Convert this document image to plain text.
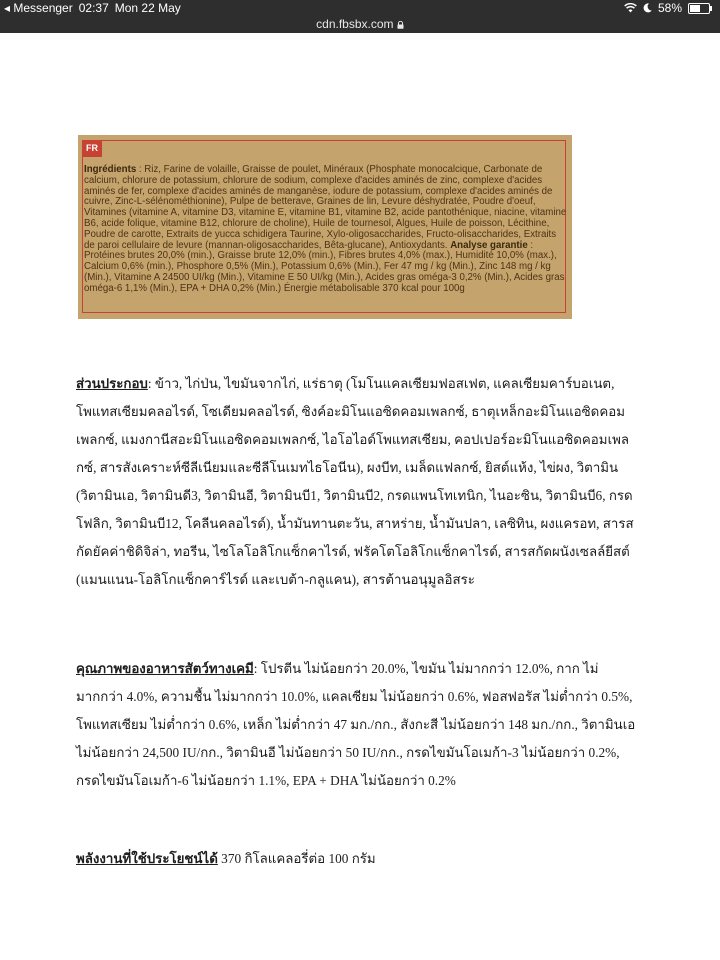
◂ Messenger 02:37 Mon 22 May	58%
cdn.fbsbx.com
FR
Ingrédients : Riz, Farine de volaille, Graisse de poulet, Minéraux (Phosphate monocalcique, Carbonate de calcium, chlorure de potassium, chlorure de sodium, complexe d'acides aminés de zinc, complexe d'acides aminés de fer, complexe d'acides aminés de manganèse, iodure de potassium, complexe d'acides aminés de cuivre, Zinc-L-sélénométhionine), Pulpe de betterave, Graines de lin, Levure déshydratée, Poudre d'oeuf, Vitamines (vitamine A, vitamine D3, vitamine E, vitamine B1, vitamine B2, acide pantothénique, niacine, vitamine B6, acide folique, vitamine B12, chlorure de choline), Huile de tournesol, Algues, Huile de poisson, Lécithine, Poudre de carotte, Extraits de yucca schidigera Taurine, Xylo-oligosaccharides, Fructo-olisaccharides, Extraits de paroi cellulaire de levure (mannan-oligosaccharides, Bêta-glucane), Antioxydants. Analyse garantie : Protéines brutes 20,0% (min.), Graisse brute 12,0% (min.), Fibres brutes 4,0% (max.), Humidité 10,0% (max.), Calcium 0,6% (min.), Phosphore 0,5% (Min.), Potassium 0,6% (Min.), Fer 47 mg / kg (Min.), Zinc 148 mg / kg (Min.), Vitamine A 24500 UI/kg (Min.), Vitamine E 50 UI/kg (Min.), Acides gras oméga-3 0,2% (Min.), Acides gras oméga-6 1,1% (Min.), EPA + DHA 0,2% (Min.) Énergie métabolisable 370 kcal pour 100g

ส่วนประกอบ: ข้าว, ไก่ป่น, ไขมันจากไก่, แร่ธาตุ (โมโนแคลเซียมฟอสเฟต, แคลเซียมคาร์บอเนต, โพแทสเซียมคลอไรด์, โซเดียมคลอไรด์, ซิงค์อะมิโนแอซิดคอมเพลกซ์, ธาตุเหล็กอะมิโนแอซิดคอมเพลกซ์, แมงกานีสอะมิโนแอซิดคอมเพลกซ์, ไอโอไอด์โพแทสเซียม, คอปเปอร์อะมิโนแอซิดคอมเพลกซ์, สารสังเคราะห์ซีลีเนียมและซีลีโนเมทไธโอนีน), ผงบีท, เมล็ดแฟลกซ์, ยิสต์แห้ง, ไข่ผง, วิตามิน (วิตามินเอ, วิตามินดี3, วิตามินอี, วิตามินบี1, วิตามินบี2, กรดแพนโทเทนิก, ไนอะซิน, วิตามินบี6, กรดโฟลิก, วิตามินบี12, โคลีนคลอไรด์), น้ำมันทานตะวัน, สาหร่าย, น้ำมันปลา, เลซิทิน, ผงแครอท, สารสกัดยัคค่าชิดิจิล่า, ทอรีน, ไซโลโอลิโกแซ็กคาไรด์, ฟรัคโตโอลิโกแซ็กคาไรด์, สารสกัดผนังเซลล์ยีสต์ (แมนแนน-โอลิโกแซ็กคาร์ไรด์ และเบต้า-กลูแคน), สารต้านอนุมูลอิสระ

คุณภาพของอาหารสัตว์ทางเคมี: โปรตีน ไม่น้อยกว่า 20.0%, ไขมัน ไม่มากกว่า 12.0%, กาก ไม่มากกว่า 4.0%, ความชื้น ไม่มากกว่า 10.0%, แคลเซียม ไม่น้อยกว่า 0.6%, ฟอสฟอรัส ไม่ต่ำกว่า 0.5%, โพแทสเซียม ไม่ต่ำกว่า 0.6%, เหล็ก ไม่ต่ำกว่า 47 มก./กก., สังกะสี ไม่น้อยกว่า 148 มก./กก., วิตามินเอ ไม่น้อยกว่า 24,500 IU/กก., วิตามินอี ไม่น้อยกว่า 50 IU/กก., กรดไขมันโอเมก้า-3 ไม่น้อยกว่า 0.2%, กรดไขมันโอเมก้า-6 ไม่น้อยกว่า 1.1%, EPA + DHA ไม่น้อยกว่า 0.2%

พลังงานที่ใช้ประโยชน์ได้ 370 กิโลแคลอรี่ต่อ 100 กรัม
